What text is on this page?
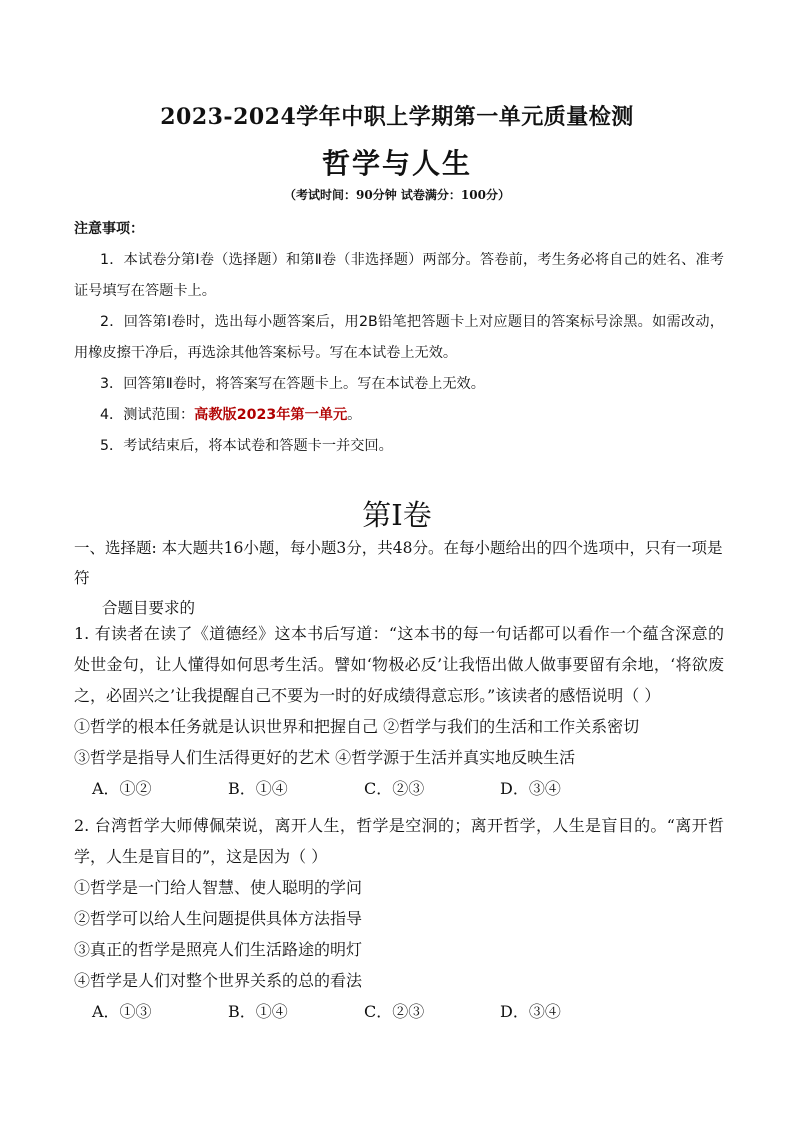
2023-2024学年中职上学期第一单元质量检测
哲学与人生
（考试时间：90分钟 试卷满分：100分）
注意事项：

1．本试卷分第Ⅰ卷（选择题）和第Ⅱ卷（非选择题）两部分。答卷前，考生务必将自己的姓名、准考证号填写在答题卡上。

2．回答第Ⅰ卷时，选出每小题答案后，用2B铅笔把答题卡上对应题目的答案标号涂黑。如需改动，用橡皮擦干净后，再选涂其他答案标号。写在本试卷上无效。

3．回答第Ⅱ卷时，将答案写在答题卡上。写在本试卷上无效。

4．测试范围：高教版2023年第一单元。

5．考试结束后，将本试卷和答题卡一并交回。

第Ⅰ卷

一、选择题: 本大题共16小题，每小题3分，共48分。在每小题给出的四个选项中，只有一项是符

合题目要求的

1. 有读者在读了《道德经》这本书后写道：“这本书的每一句话都可以看作一个蕴含深意的处世金句，让人懂得如何思考生活。譬如‘物极必反’让我悟出做人做事要留有余地，‘将欲废之，必固兴之’让我提醒自己不要为一时的好成绩得意忘形。”该读者的感悟说明（ ）

①哲学的根本任务就是认识世界和把握自己 ②哲学与我们的生活和工作关系密切

③哲学是指导人们生活得更好的艺术 ④哲学源于生活并真实地反映生活

A．①②	B．①④	C．②③	D．③④

2. 台湾哲学大师傅佩荣说，离开人生，哲学是空洞的；离开哲学，人生是盲目的。“离开哲学，人生是盲目的”，这是因为（ ）

①哲学是一门给人智慧、使人聪明的学问

②哲学可以给人生问题提供具体方法指导

③真正的哲学是照亮人们生活路途的明灯

④哲学是人们对整个世界关系的总的看法

A．①③	B．①④	C．②③	D．③④
